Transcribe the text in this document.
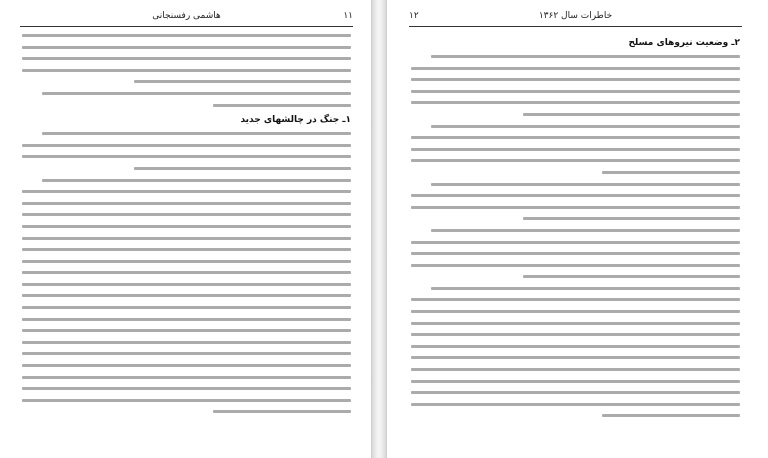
۱۱
هاشمی رفسنجانی
۱ـ جنگ در چالشهای جدید
خاطرات سال ۱۳۶۲
۱۲
۲ـ وضعیت نیروهای مسلح
